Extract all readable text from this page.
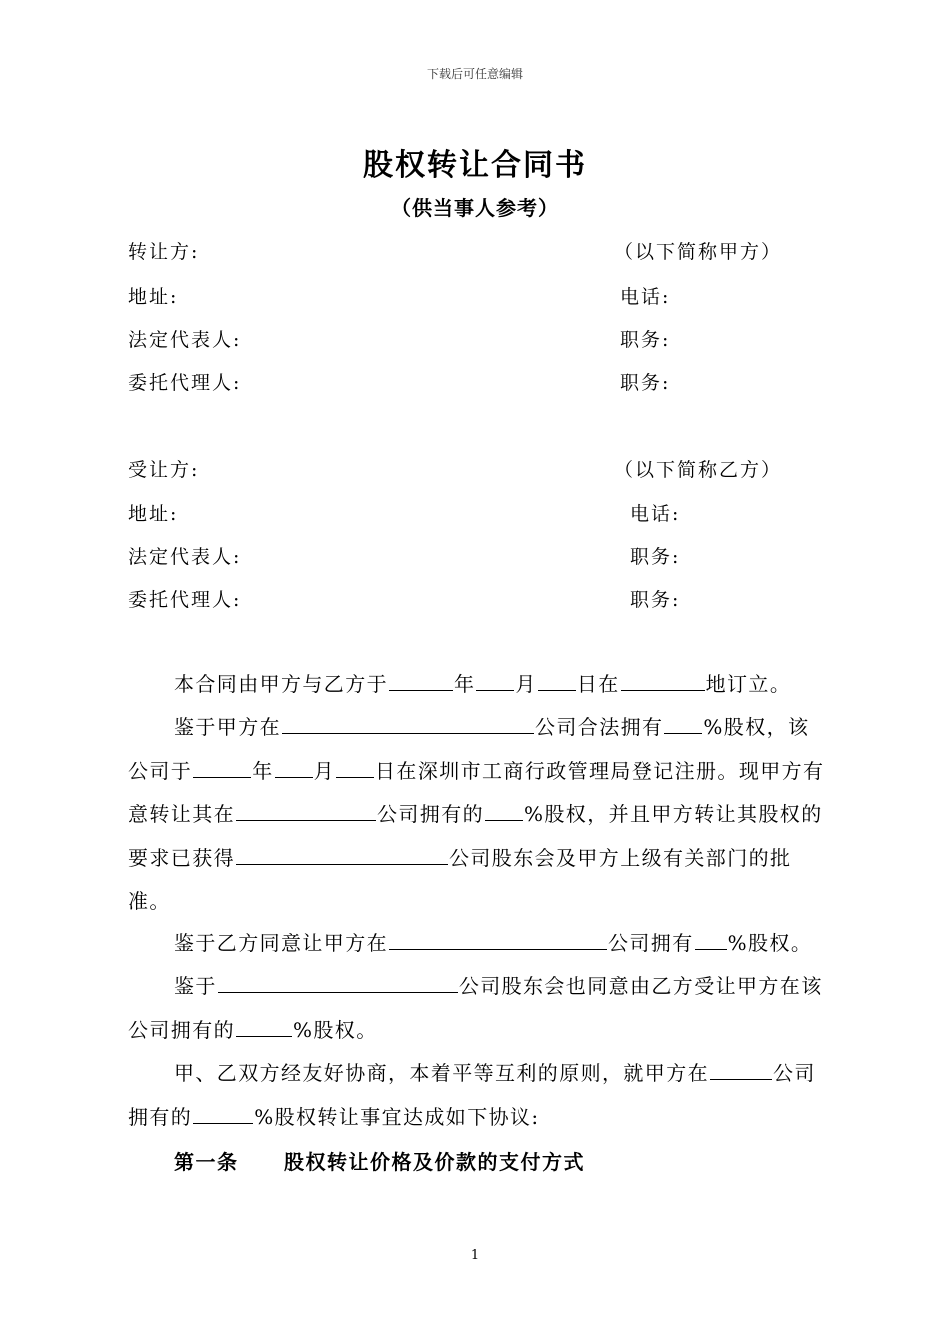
下载后可任意编辑
股权转让合同书
（供当事人参考）
转让方:	（以下简称甲方）
地址:	电话:
法定代表人:	职务:
委托代理人:	职务:
受让方:	（以下简称乙方）
地址:	电话:
法定代表人:	职务:
委托代理人:	职务:
本合同由甲方与乙方于	年 月 日在	地订立。
鉴于甲方在	公司合法拥有 %股权，该公司于	年 月 日在深圳市工商行政管理局登记注册。现甲方有意转让其在	公司拥有的 %股权，并且甲方转让其股权的要求已获得	公司股东会及甲方上级有关部门的批准。
鉴于乙方同意让甲方在	公司拥有 %股权。
鉴于	公司股东会也同意由乙方受让甲方在该公司拥有的	%股权。
甲、乙双方经友好协商，本着平等互利的原则，就甲方在	公司拥有的	%股权转让事宜达成如下协议:
第一条 股权转让价格及价款的支付方式
1
